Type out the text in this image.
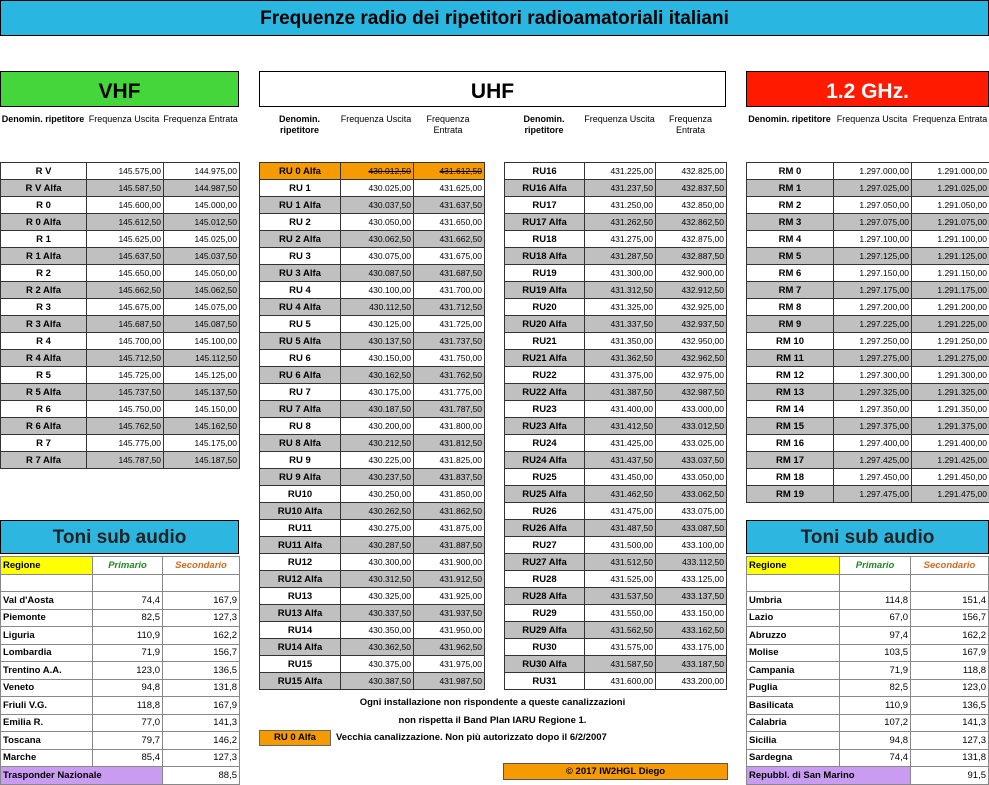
Frequenze radio dei ripetitori radioamatoriali italiani
VHF	UHF	1.2 GHz.
Denomin. ripetitore Frequenza Uscita Frequenza Entrata	Denomin. ripetitore
Frequenza Uscita	Frequenza Entrata
Denomin. ripetitore
Frequenza Uscita	Frequenza Entrata
Denomin. ripetitore Frequenza Uscita Frequenza Entrata
R V	145.575,00	144.975,00
R V Alfa	145.587,50	144.987,50
R 0	145.600,00	145.000,00
R 0 Alfa	145.612,50	145.012,50
R 1	145.625,00	145.025,00
R 1 Alfa	145.637,50	145.037,50
R 2	145.650,00	145.050,00
R 2 Alfa	145.662,50	145.062,50
R 3	145.675,00	145.075,00
R 3 Alfa	145.687,50	145.087,50
R 4	145.700,00	145.100,00
R 4 Alfa	145.712,50	145.112,50
R 5	145.725,00	145.125,00
R 5 Alfa	145.737,50	145.137,50
R 6	145.750,00	145.150,00
R 6 Alfa	145.762,50	145.162,50
R 7	145.775,00	145.175,00
R 7 Alfa	145.787,50	145.187,50
RU 0 Alfa	430.012,50	431.612,50
RU 1	430.025,00	431.625,00
RU 1 Alfa	430.037,50	431.637,50
RU 2	430.050,00	431.650,00
RU 2 Alfa	430.062,50	431.662,50
RU 3	430.075,00	431.675,00
RU 3 Alfa	430.087,50	431.687,50
RU 4	430.100,00	431.700,00
RU 4 Alfa	430.112,50	431.712,50
RU 5	430.125,00	431.725,00
RU 5 Alfa	430.137,50	431.737,50
RU 6	430.150,00	431.750,00
RU 6 Alfa	430.162,50	431.762,50
RU 7	430.175,00	431.775,00
RU 7 Alfa	430.187,50	431.787,50
RU 8	430.200,00	431.800,00
RU 8 Alfa	430.212,50	431.812,50
RU 9	430.225,00	431.825,00
RU 9 Alfa	430.237,50	431.837,50
RU10	430.250,00	431.850,00
RU10 Alfa	430.262,50	431.862,50
RU11	430.275,00	431.875,00
RU11 Alfa	430.287,50	431.887,50
RU12	430.300,00	431.900,00
RU12 Alfa	430.312,50	431.912,50
RU13	430.325,00	431.925,00
RU13 Alfa	430.337,50	431.937,50
RU14	430.350,00	431.950,00
RU14 Alfa	430.362,50	431.962,50
RU15	430.375,00	431.975,00
RU15 Alfa	430.387,50	431.987,50
RU16	431.225,00	432.825,00
RU16 Alfa	431.237,50	432.837,50
RU17	431.250,00	432.850,00
RU17 Alfa	431.262,50	432.862,50
RU18	431.275,00	432.875,00
RU18 Alfa	431.287,50	432.887,50
RU19	431.300,00	432.900,00
RU19 Alfa	431.312,50	432.912,50
RU20	431.325,00	432.925,00
RU20 Alfa	431.337,50	432.937,50
RU21	431.350,00	432.950,00
RU21 Alfa	431.362,50	432.962,50
RU22	431.375,00	432.975,00
RU22 Alfa	431.387,50	432.987,50
RU23	431.400,00	433.000,00
RU23 Alfa	431.412,50	433.012,50
RU24	431.425,00	433.025,00
RU24 Alfa	431.437,50	433.037,50
RU25	431.450,00	433.050,00
RU25 Alfa	431.462,50	433.062,50
RU26	431.475,00	433.075,00
RU26 Alfa	431.487,50	433.087,50
RU27	431.500,00	433.100,00
RU27 Alfa	431.512,50	433.112,50
RU28	431.525,00	433.125,00
RU28 Alfa	431.537,50	433.137,50
RU29	431.550,00	433.150,00
RU29 Alfa	431.562,50	433.162,50
RU30	431.575,00	433.175,00
RU30 Alfa	431.587,50	433.187,50
RU31	431.600,00	433.200,00
RM 0	1.297.000,00	1.291.000,00
RM 1	1.297.025,00	1.291.025,00
RM 2	1.297.050,00	1.291.050,00
RM 3	1.297.075,00	1.291.075,00
RM 4	1.297.100,00	1.291.100,00
RM 5	1.297.125,00	1.291.125,00
RM 6	1.297.150,00	1.291.150,00
RM 7	1.297.175,00	1.291.175,00
RM 8	1.297.200,00	1.291.200,00
RM 9	1.297.225,00	1.291.225,00
RM 10	1.297.250,00	1.291.250,00
RM 11	1.297.275,00	1.291.275,00
RM 12	1.297.300,00	1.291.300,00
RM 13	1.297.325,00	1.291.325,00
RM 14	1.297.350,00	1.291.350,00
RM 15	1.297.375,00	1.291.375,00
RM 16	1.297.400,00	1.291.400,00
RM 17	1.297.425,00	1.291.425,00
RM 18	1.297.450,00	1.291.450,00
RM 19	1.297.475,00	1.291.475,00
Toni sub audio
Regione	Primario	Secondario

Val d'Aosta	74,4	167,9
Piemonte	82,5	127,3
Liguria	110,9	162,2
Lombardia	71,9	156,7
Trentino A.A.	123,0	136,5
Veneto	94,8	131,8
Friuli V.G.	118,8	167,9
Emilia R.	77,0	141,3
Toscana	79,7	146,2
Marche	85,4	127,3
Trasponder Nazionale		88,5
Toni sub audio
Regione	Primario	Secondario

Umbria	114,8	151,4
Lazio	67,0	156,7
Abruzzo	97,4	162,2
Molise	103,5	167,9
Campania	71,9	118,8
Puglia	82,5	123,0
Basilicata	110,9	136,5
Calabria	107,2	141,3
Sicilia	94,8	127,3
Sardegna	74,4	131,8
Repubbl. di San Marino		91,5
Ogni installazione non rispondente a queste canalizzazioni
non rispetta il Band Plan IARU Regione 1.
RU 0 Alfa	Vecchia canalizzazione. Non più autorizzato dopo il 6/2/2007
© 2017 IW2HGL Diego
